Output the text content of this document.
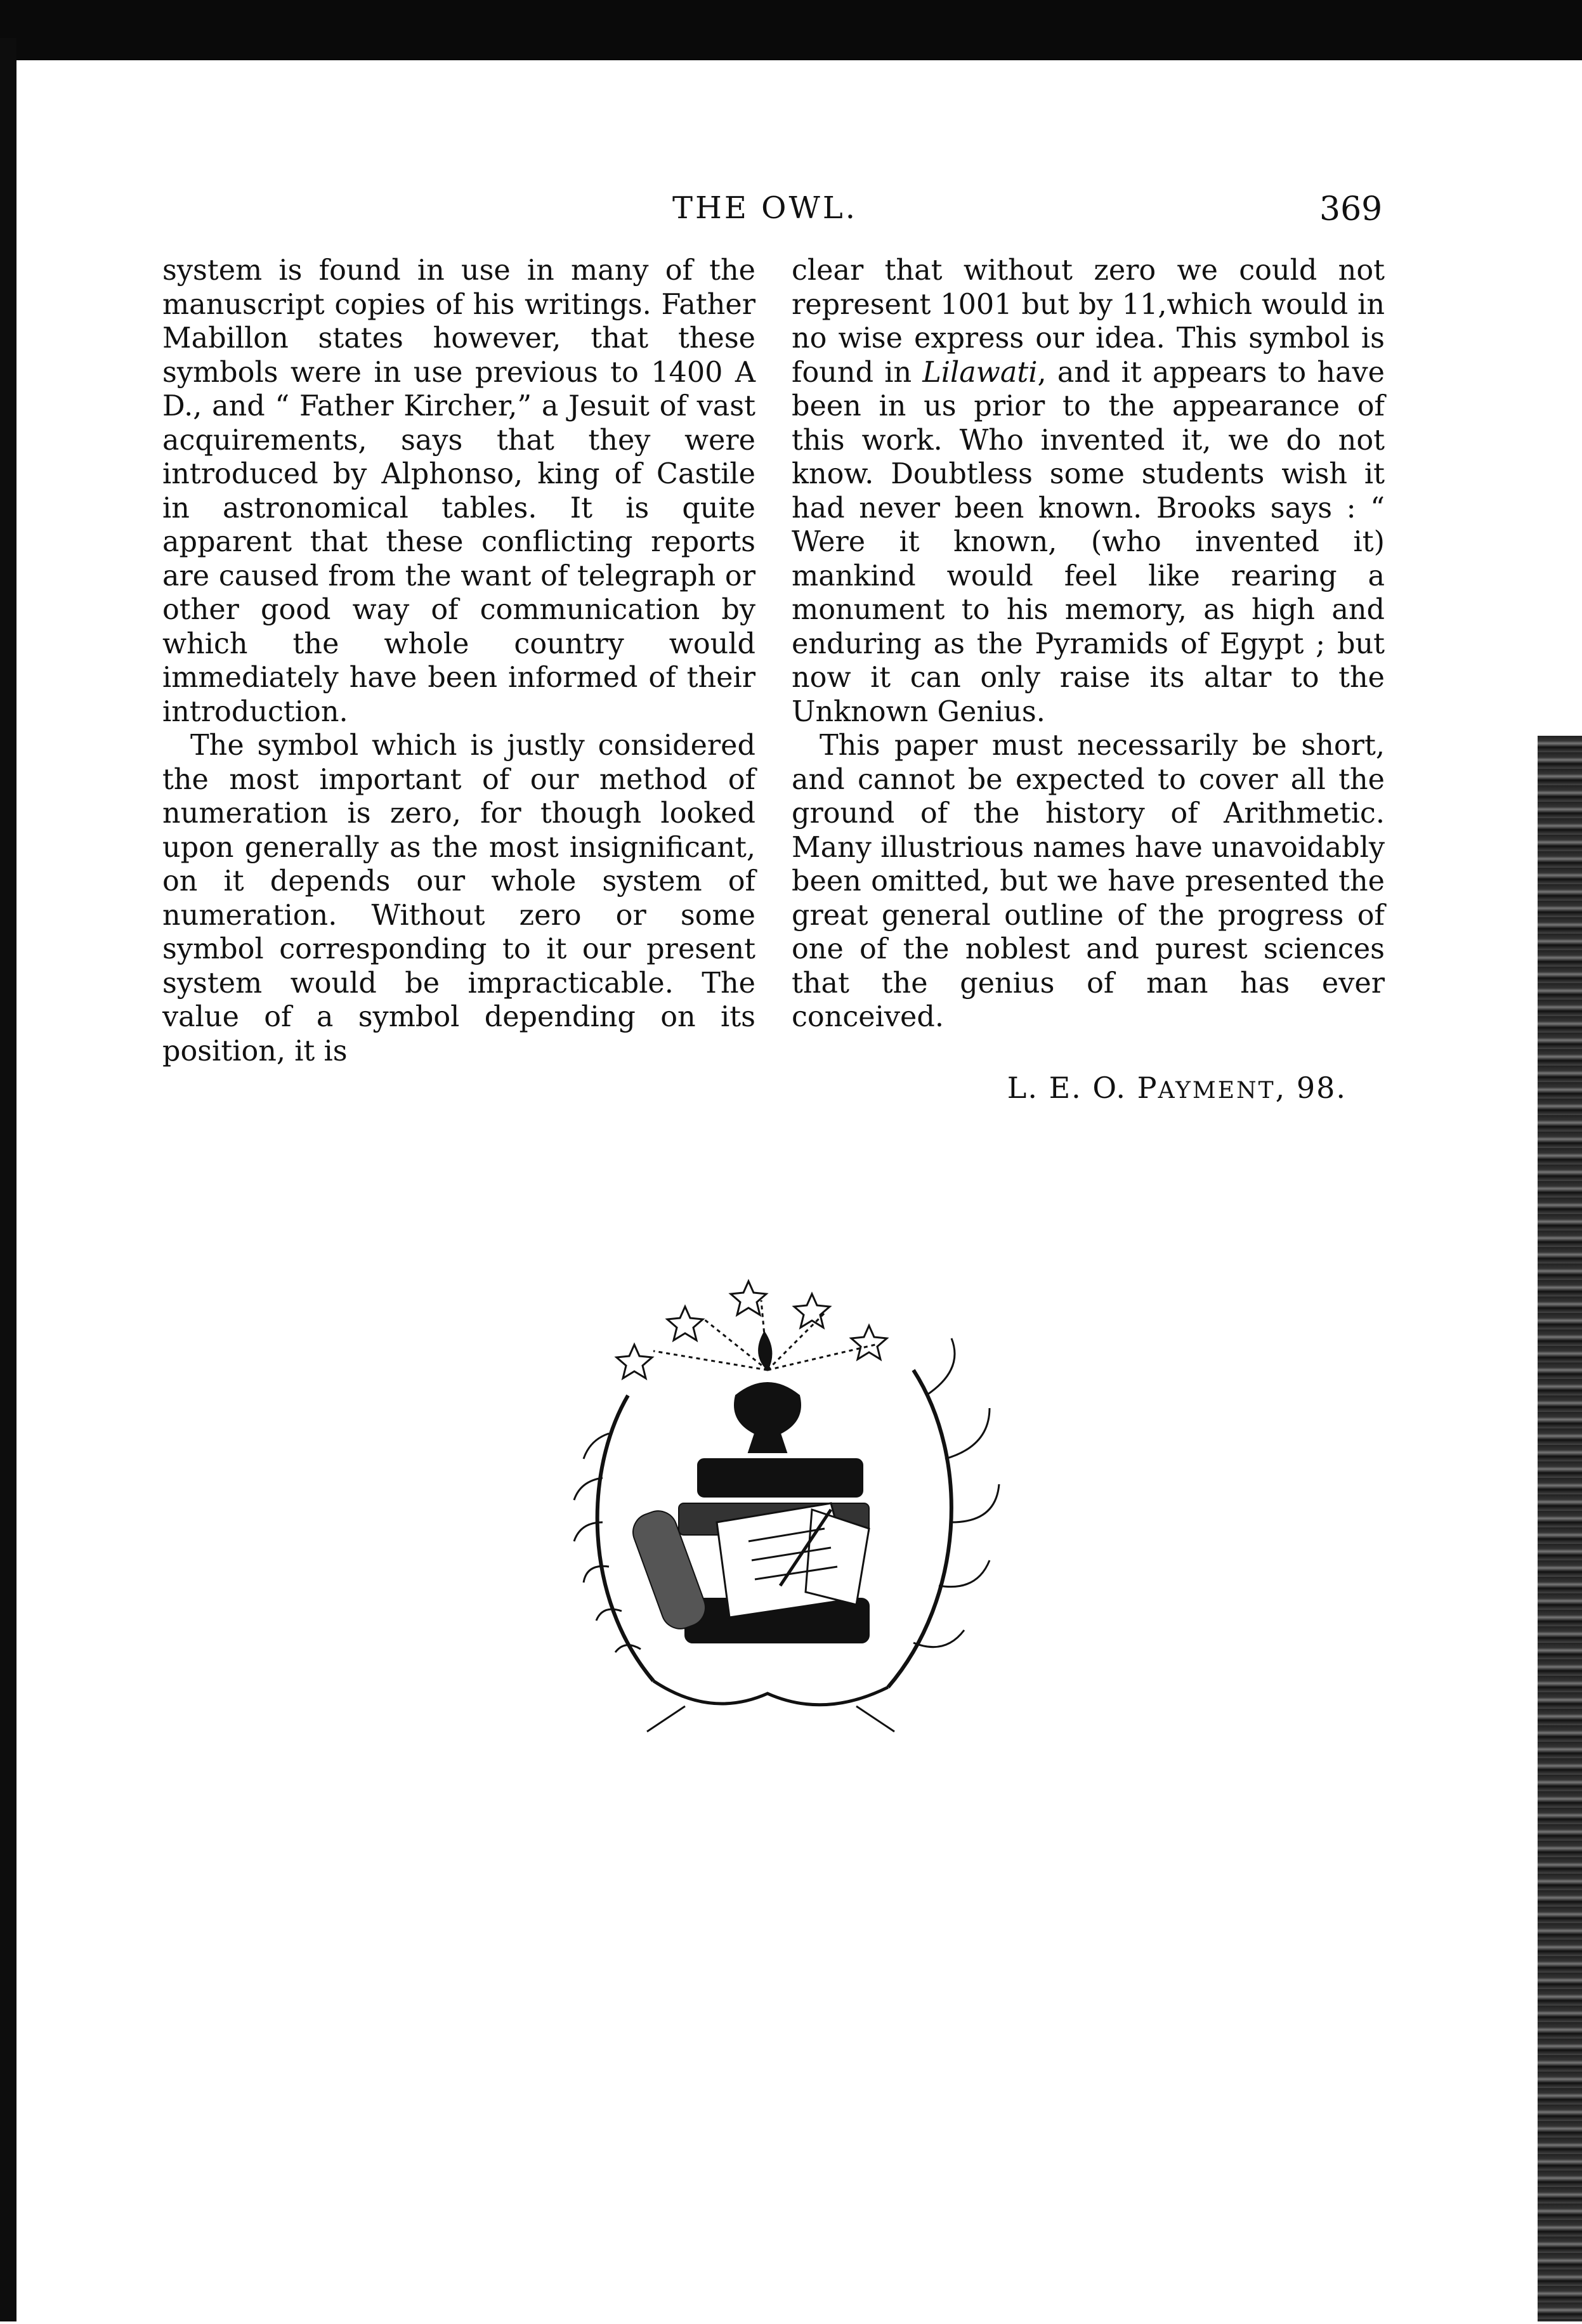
THE OWL.	369

system is found in use in many of the manuscript copies of his writings. Father Mabillon states however, that these symbols were in use previous to 1400 A D., and “ Father Kircher,” a Jesuit of vast acquirements, says that they were introduced by Alphonso, king of Castile in astronomical tables. It is quite apparent that these conflicting reports are caused from the want of telegraph or other good way of communication by which the whole country would immediately have been informed of their introduction.

The symbol which is justly considered the most important of our method of numeration is zero, for though looked upon generally as the most insignificant, on it depends our whole system of numeration. Without zero or some symbol corresponding to it our present system would be impracticable. The value of a symbol depending on its position, it is

clear that without zero we could not represent 1001 but by 11,which would in no wise express our idea. This symbol is found in Lilawati, and it appears to have been in us prior to the appearance of this work. Who invented it, we do not know. Doubtless some students wish it had never been known. Brooks says : “ Were it known, (who invented it) mankind would feel like rearing a monument to his memory, as high and enduring as the Pyramids of Egypt ; but now it can only raise its altar to the Unknown Genius.

This paper must necessarily be short, and cannot be expected to cover all the ground of the history of Arithmetic. Many illustrious names have unavoidably been omitted, but we have presented the great general outline of the progress of one of the noblest and purest sciences that the genius of man has ever conceived.

L. E. O. PAYMENT, 98.
